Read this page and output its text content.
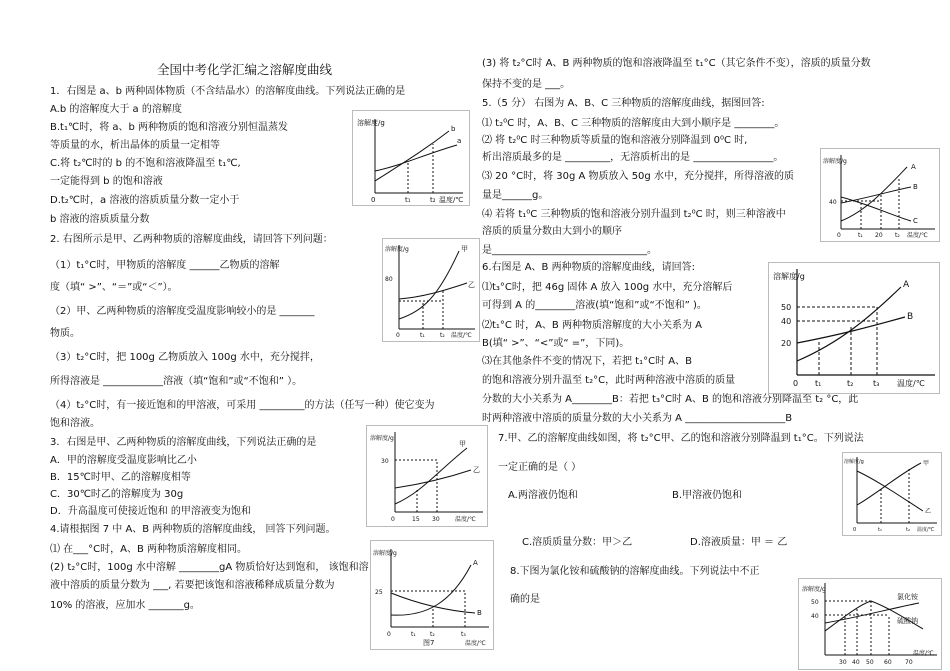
全国中考化学汇编之溶解度曲线
1．右图是 a、b 两种固体物质（不含结晶水）的溶解度曲线。下列说法正确的是
A.b 的溶解度大于 a 的溶解度
B.t₁℃时，将 a、b 两种物质的饱和溶液分别恒温蒸发
等质量的水，析出晶体的质量一定相等
C.将 t₂℃时的 b 的不饱和溶液降温至 t₁℃,
一定能得到 b 的饱和溶液
D.t₂℃时，a 溶液的溶质质量分数一定小于
b 溶液的溶质质量分数
2. 右图所示是甲、乙两种物质的溶解度曲线，请回答下列问题：
（1）t₁°C时，甲物质的溶解度 ______乙物质的溶解
度（填“ >”、“＝”或“＜”）。
（2）甲、乙两种物质的溶解度受温度影响较小的是 _______
物质。
（3）t₂°C时，把 100g 乙物质放入 100g 水中，充分搅拌，
所得溶液是 ____________溶液（填“饱和”或“不饱和” ）。
（4）t₂°C时，有一接近饱和的甲溶液，可采用 _________的方法（任写一种）使它变为
饱和溶液。
3．右图是甲、乙两种物质的溶解度曲线，下列说法正确的是
A．甲的溶解度受温度影响比乙小
B．15℃时甲、乙的溶解度相等
C．30℃时乙的溶解度为 30g
D．升高温度可使接近饱和 的甲溶液变为饱和
4.请根据图 7 中 A、B 两种物质的溶解度曲线， 回答下列问题。
⑴ 在___°C时，A、B 两种物质溶解度相同。
(2) t₂°C时，100g 水中溶解 ________gA 物质恰好达到饱和， 该饱和溶
液中溶质的质量分数为 ___, 若要把该饱和溶液稀释成质量分数为
10% 的溶液，应加水 _______g。
(3) 将 t₂°C时 A、B 两种物质的饱和溶液降温至 t₁°C（其它条件不变），溶质的质量分数
保持不变的是 ___。
5.（5 分） 右图为 A、B、C 三种物质的溶解度曲线，据图回答:
⑴ t₂⁰C 时，A、B、C 三种物质的溶解度由大到小顺序是 ________。
⑵ 将 t₂⁰C 时三种物质等质量的饱和溶液分别降温到 0⁰C 时,
析出溶质最多的是 _________，无溶质析出的是 ________________。
⑶ 20 °C时，将 30g A 物质放入 50g 水中，充分搅拌，所得溶液的质
量是______g。
⑷ 若将 t₁⁰C 三种物质的饱和溶液分别升温到 t₂⁰C 时，则三种溶液中
溶质的质量分数由大到小的顺序
是_______________________________。
6.右图是 A、B 两种物质的溶解度曲线，请回答:
⑴t₃°C时，把 46g 固体 A 放入 100g 水中，充分溶解后
可得到 A 的________溶液(填“饱和”或“不饱和” )。
⑵t₁°C 时，A、B 两种物质溶解度的大小关系为 A
B(填“ >”、“<”或“ =”，下同)。
⑶在其他条件不变的情况下，若把 t₁°C时 A、B
的饱和溶液分别升温至 t₂°C，此时两种溶液中溶质的质量
分数的大小关系为 A________B：若把 t₃°C时 A、B 的饱和溶液分别降温至 t₂ °C，此
时两种溶液中溶质的质量分数的大小关系为 A ____________________B
7.甲、乙的溶解度曲线如图，将 t₂°C甲、乙的饱和溶液分别降温到 t₁°C。下列说法
一定正确的是（ ）
A.两溶液仍饱和	B.甲溶液仍饱和
C.溶质质量分数：甲＞乙	D.溶液质量：甲 ＝ 乙
8.下图为氯化铵和硫酸钠的溶解度曲线。下列说法中不正
确的是
溶解度/g
0	t₁	t₂ 温度/℃
b
a
溶解度/g
80
0	t₁	t₂ 温度/℃
甲
乙
溶解度/g
30
0	15 30	温度/℃
甲
乙
溶解度/g
25
0	t₁ t₂	t₃
温度/℃
图7
A
B
溶解度/g
40
0	t₁ 20 t₂ 温度/℃
A
B
C
溶解度/g
50
40
20
0 t₁	t₂ t₃ 温度/℃
A
B
溶解度/g
0	t₁	t₂ 温度/℃
甲
乙
溶解度/g
50
40
30 40 50 60 70
温度/℃
氯化铵
硫酸钠
